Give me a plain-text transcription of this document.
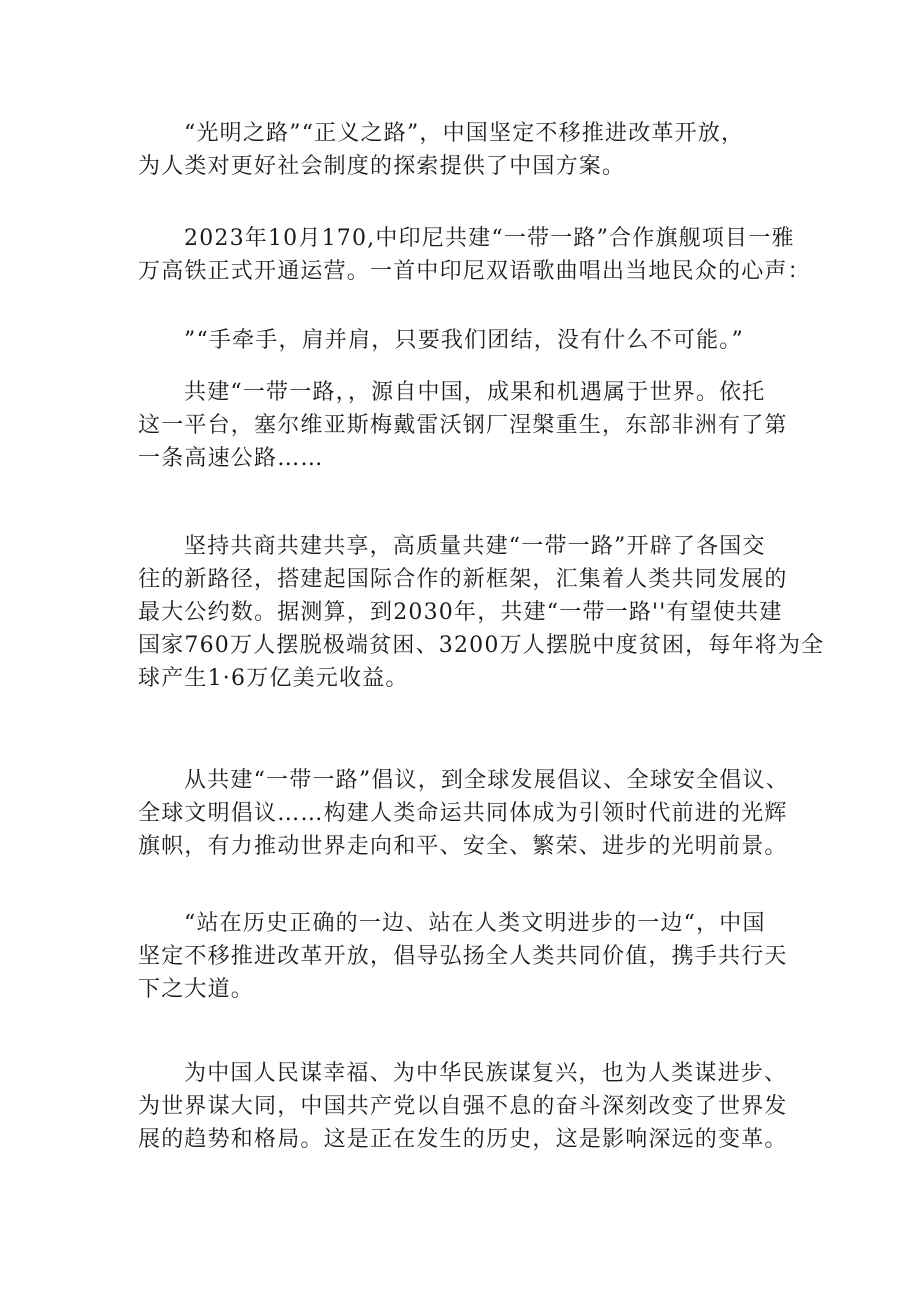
“光明之路”“正义之路”，中国坚定不移推进改革开放，
为人类对更好社会制度的探索提供了中国方案。
2023年10月170,中印尼共建“一带一路”合作旗舰项目一雅
万高铁正式开通运营。一首中印尼双语歌曲唱出当地民众的心声：
”“手牵手，肩并肩，只要我们团结，没有什么不可能。”
共建“一带一路，，源自中国，成果和机遇属于世界。依托
这一平台，塞尔维亚斯梅戴雷沃钢厂涅槃重生，东部非洲有了第
一条高速公路……
坚持共商共建共享，高质量共建“一带一路”开辟了各国交
往的新路径，搭建起国际合作的新框架，汇集着人类共同发展的
最大公约数。据测算，到2030年，共建“一带一路''有望使共建
国家760万人摆脱极端贫困、3200万人摆脱中度贫困，每年将为全
球产生1·6万亿美元收益。
从共建“一带一路”倡议，到全球发展倡议、全球安全倡议、
全球文明倡议……构建人类命运共同体成为引领时代前进的光辉
旗帜，有力推动世界走向和平、安全、繁荣、进步的光明前景。
“站在历史正确的一边、站在人类文明进步的一边“，中国
坚定不移推进改革开放，倡导弘扬全人类共同价值，携手共行天
下之大道。
为中国人民谋幸福、为中华民族谋复兴，也为人类谋进步、
为世界谋大同，中国共产党以自强不息的奋斗深刻改变了世界发
展的趋势和格局。这是正在发生的历史，这是影响深远的变革。
